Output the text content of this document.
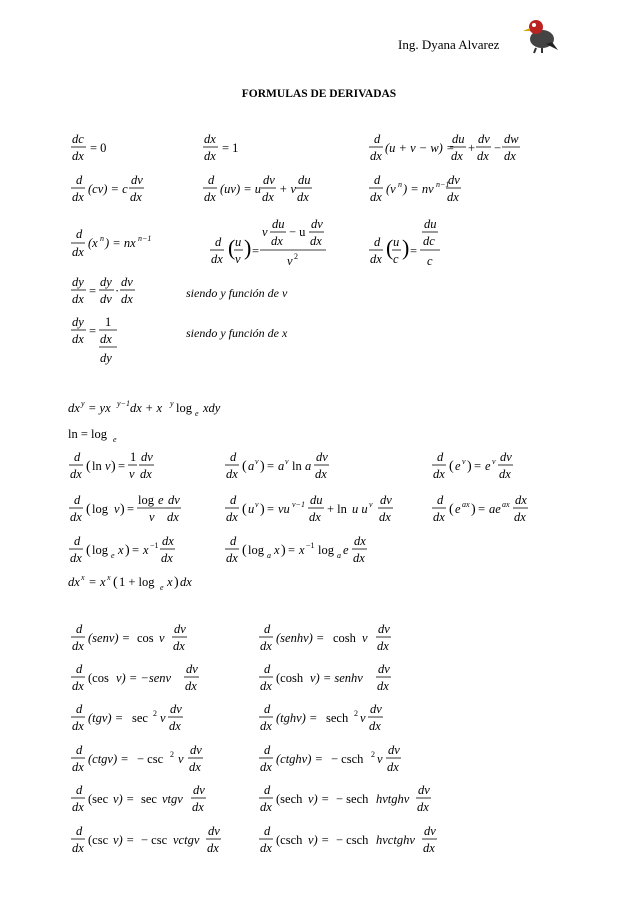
Ing. Dyana Alvarez
FORMULAS DE DERIVADAS
dc
dx
= 0
dx
dx
= 1
d
dx
(u + v − w) =
du
dx
+
dv
dx
−
dw
dx
d
dx
(cv) = c
dv
dx
d
dx
(uv) = u
dv
dx
+ v
du
dx
d
dx
(v n ) = nv n−1
dv
dx
d
dx
(x n ) = nx n−1	d
dx ( u
v ) =
v
du
dx
− u
dv
dx
v 2
d
dx ( u
c ) =
du
dc
c
dy
dx
=
dy
dv
·
dv
dx
dy
dx
=
1
dx
dy
dx y = yx y−1 dx + x y log e xdy
ln = log e
d
dx ( ln v ) =
1
v
dv
dx
d
dx ( a v ) = a v ln a
dv
dx
d
dx ( e v ) = e v dv
dx
d
dx ( log v ) =
log e
v
dv
dx
d
dx ( u v ) = vu v−1 du
dx
+ ln u u v dv
dx
d
dx ( e ax ) = ae ax dx
dx
d
dx ( log e x ) = x −1 dx
dx
d
dx ( log a x ) = x −1 log a e
dx
dx
dx x = x x ( 1 + log e x ) dx
d
dx
(senv) = cos v
dv
dx
d
dx
(cos v) = −senv
dv
dx
d
dx
(tgv) = sec 2 v
dv
dx
d
dx
(ctgv) = − csc 2 v
dv
dx
d
dx
(sec v) = sec vtgv
dv
dx
d
dx
(csc v) = − csc vctgv
dv
dx
d
dx
(senhv) = cosh v
dv
dx
d
dx
(cosh v) = senhv
dv
dx
d
dx
(tghv) = sech 2 v
dv
dx
d
dx
(ctghv) = − csch 2 v
dv
dx
d
dx
(sech v) = − sech hvtghv
dv
dx
d
dx
(csch v) = − csch hvctghv
dv
dx
siendo y función de v
siendo y función de x
